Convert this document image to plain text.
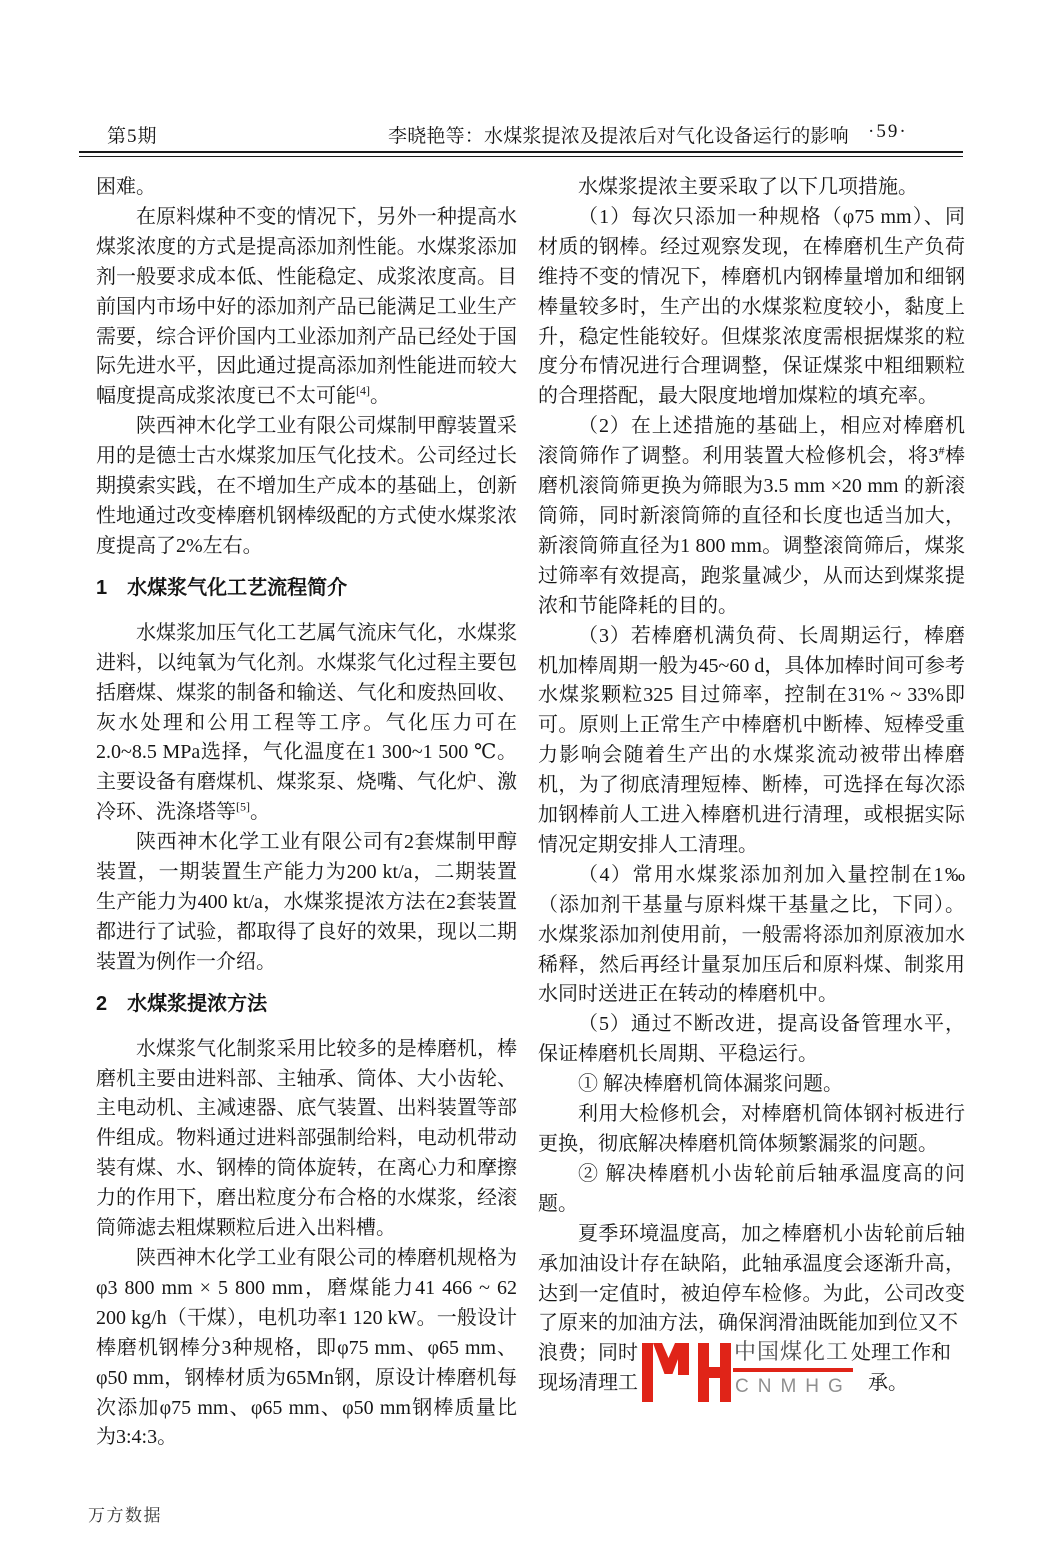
第5期	李晓艳等：水煤浆提浓及提浓后对气化设备运行的影响 ·59·

困难。

在原料煤种不变的情况下，另外一种提高水煤浆浓度的方式是提高添加剂性能。水煤浆添加剂一般要求成本低、性能稳定、成浆浓度高。目前国内市场中好的添加剂产品已能满足工业生产需要，综合评价国内工业添加剂产品已经处于国际先进水平，因此通过提高添加剂性能进而较大幅度提高成浆浓度已不太可能[4]。

陕西神木化学工业有限公司煤制甲醇装置采用的是德士古水煤浆加压气化技术。公司经过长期摸索实践，在不增加生产成本的基础上，创新性地通过改变棒磨机钢棒级配的方式使水煤浆浓度提高了2%左右。

1　水煤浆气化工艺流程简介

水煤浆加压气化工艺属气流床气化，水煤浆进料，以纯氧为气化剂。水煤浆气化过程主要包括磨煤、煤浆的制备和输送、气化和废热回收、灰水处理和公用工程等工序。气化压力可在2.0~8.5 MPa选择，气化温度在1 300~1 500 ℃。主要设备有磨煤机、煤浆泵、烧嘴、气化炉、激冷环、洗涤塔等[5]。

陕西神木化学工业有限公司有2套煤制甲醇装置，一期装置生产能力为200 kt/a，二期装置生产能力为400 kt/a，水煤浆提浓方法在2套装置都进行了试验，都取得了良好的效果，现以二期装置为例作一介绍。

2　水煤浆提浓方法

水煤浆气化制浆采用比较多的是棒磨机，棒磨机主要由进料部、主轴承、筒体、大小齿轮、主电动机、主减速器、底气装置、出料装置等部件组成。物料通过进料部强制给料，电动机带动装有煤、水、钢棒的筒体旋转，在离心力和摩擦力的作用下，磨出粒度分布合格的水煤浆，经滚筒筛滤去粗煤颗粒后进入出料槽。

陕西神木化学工业有限公司的棒磨机规格为φ3 800 mm × 5 800 mm，磨煤能力41 466 ~ 62 200 kg/h（干煤），电机功率1 120 kW。一般设计棒磨机钢棒分3种规格，即φ75 mm、φ65 mm、φ50 mm，钢棒材质为65Mn钢，原设计棒磨机每次添加φ75 mm、φ65 mm、φ50 mm钢棒质量比为3:4:3。

水煤浆提浓主要采取了以下几项措施。

（1）每次只添加一种规格（φ75 mm）、同材质的钢棒。经过观察发现，在棒磨机生产负荷维持不变的情况下，棒磨机内钢棒量增加和细钢棒量较多时，生产出的水煤浆粒度较小，黏度上升，稳定性能较好。但煤浆浓度需根据煤浆的粒度分布情况进行合理调整，保证煤浆中粗细颗粒的合理搭配，最大限度地增加煤粒的填充率。

（2）在上述措施的基础上，相应对棒磨机滚筒筛作了调整。利用装置大检修机会，将3#棒磨机滚筒筛更换为筛眼为3.5 mm ×20 mm 的新滚筒筛，同时新滚筒筛的直径和长度也适当加大，新滚筒筛直径为1 800 mm。调整滚筒筛后，煤浆过筛率有效提高，跑浆量减少，从而达到煤浆提浓和节能降耗的目的。

（3）若棒磨机满负荷、长周期运行，棒磨机加棒周期一般为45~60 d，具体加棒时间可参考水煤浆颗粒325 目过筛率，控制在31% ~ 33%即可。原则上正常生产中棒磨机中断棒、短棒受重力影响会随着生产出的水煤浆流动被带出棒磨机，为了彻底清理短棒、断棒，可选择在每次添加钢棒前人工进入棒磨机进行清理，或根据实际情况定期安排人工清理。

（4）常用水煤浆添加剂加入量控制在1‰（添加剂干基量与原料煤干基量之比，下同）。水煤浆添加剂使用前，一般需将添加剂原液加水稀释，然后再经计量泵加压后和原料煤、制浆用水同时送进正在转动的棒磨机中。

（5）通过不断改进，提高设备管理水平，保证棒磨机长周期、平稳运行。

① 解决棒磨机筒体漏浆问题。

利用大检修机会，对棒磨机筒体钢衬板进行更换，彻底解决棒磨机筒体频繁漏浆的问题。

② 解决棒磨机小齿轮前后轴承温度高的问题。

夏季环境温度高，加之棒磨机小齿轮前后轴承加油设计存在缺陷，此轴承温度会逐渐升高，达到一定值时，被迫停车检修。为此，公司改变了原来的加油方法，确保润滑油既能加到位又不

浪费；同时	处理工作和
现场清理工	承。
中国煤化工
CNMHG
万方数据
